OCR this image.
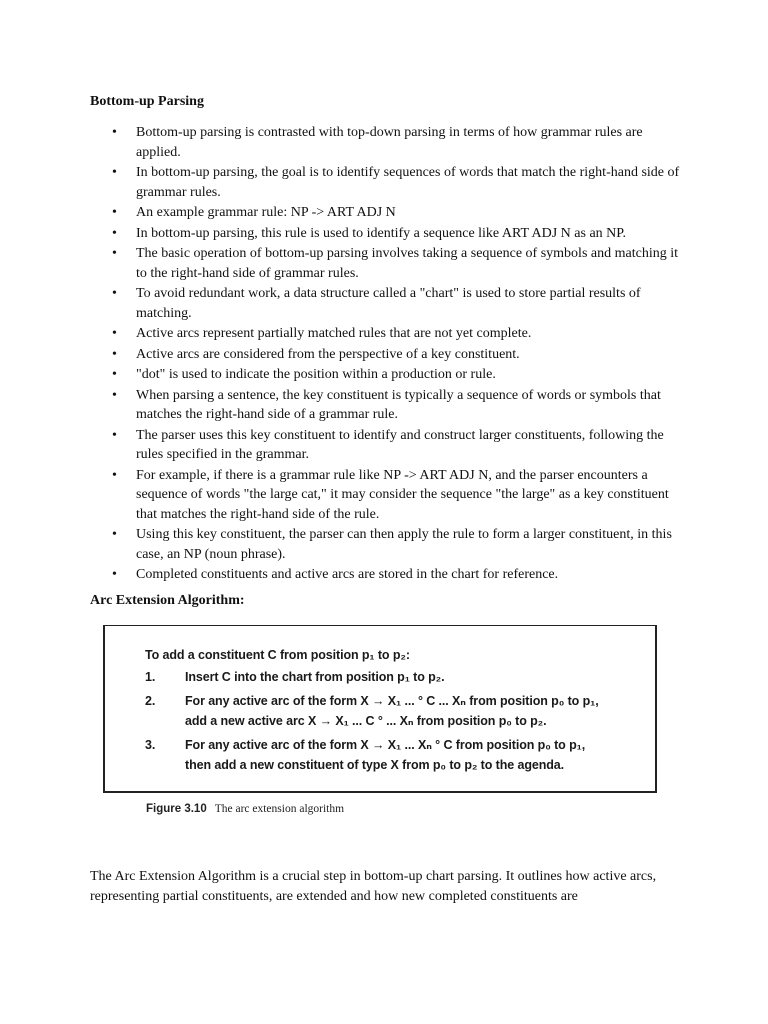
Bottom-up Parsing
• Bottom-up parsing is contrasted with top-down parsing in terms of how grammar rules are applied.
• In bottom-up parsing, the goal is to identify sequences of words that match the right-hand side of grammar rules.
• An example grammar rule: NP -> ART ADJ N
• In bottom-up parsing, this rule is used to identify a sequence like ART ADJ N as an NP.
• The basic operation of bottom-up parsing involves taking a sequence of symbols and matching it to the right-hand side of grammar rules.
• To avoid redundant work, a data structure called a "chart" is used to store partial results of matching.
• Active arcs represent partially matched rules that are not yet complete.
• Active arcs are considered from the perspective of a key constituent.
• "dot" is used to indicate the position within a production or rule.
• When parsing a sentence, the key constituent is typically a sequence of words or symbols that matches the right-hand side of a grammar rule.
• The parser uses this key constituent to identify and construct larger constituents, following the rules specified in the grammar.
• For example, if there is a grammar rule like NP -> ART ADJ N, and the parser encounters a sequence of words "the large cat," it may consider the sequence "the large" as a key constituent that matches the right-hand side of the rule.
• Using this key constituent, the parser can then apply the rule to form a larger constituent, in this case, an NP (noun phrase).
• Completed constituents and active arcs are stored in the chart for reference.
Arc Extension Algorithm:

To add a constituent C from position p₁ to p₂:

1. Insert C into the chart from position p₁ to p₂.

2. For any active arc of the form X → X₁ ... ° C ... Xₙ from position p₀ to p₁,

add a new active arc X → X₁ ... C ° ... Xₙ from position p₀ to p₂.

3. For any active arc of the form X → X₁ ... Xₙ ° C from position p₀ to p₁,

then add a new constituent of type X from p₀ to p₂ to the agenda.

Figure 3.10 The arc extension algorithm

The Arc Extension Algorithm is a crucial step in bottom-up chart parsing. It outlines how active arcs, representing partial constituents, are extended and how new completed constituents are
